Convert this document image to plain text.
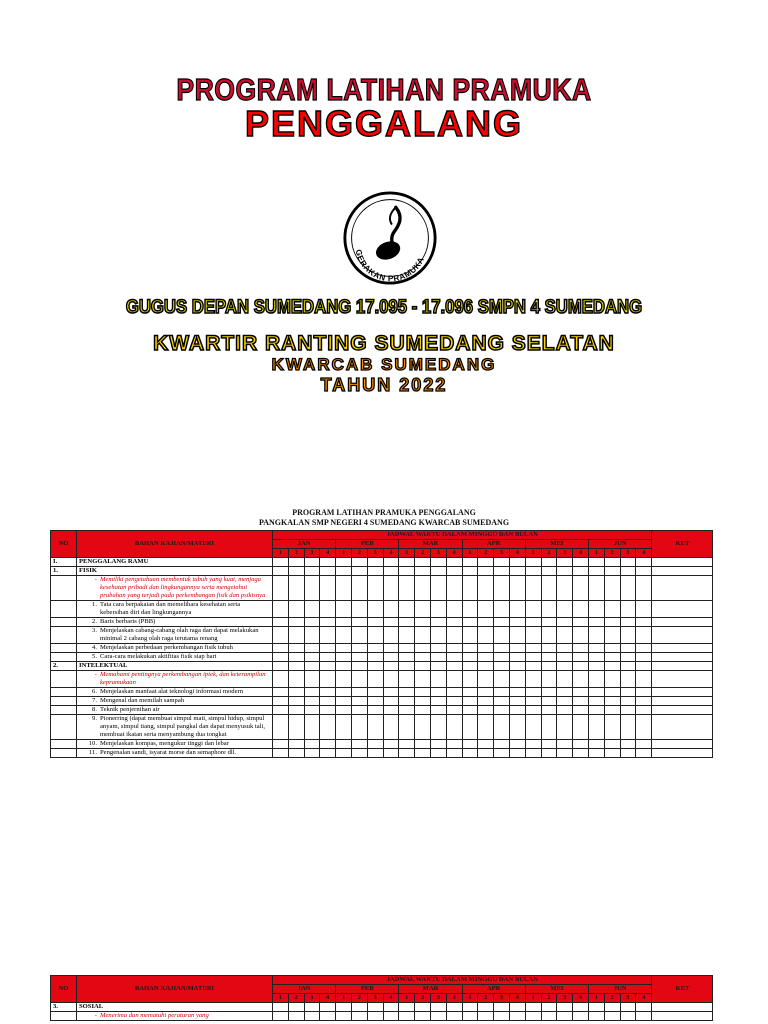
PROGRAM LATIHAN PRAMUKA
PENGGALANG
GERAKAN PRAMUKA
GUGUS DEPAN SUMEDANG 17.095 - 17.096 SMPN 4 SUMEDANG
KWARTIR RANTING SUMEDANG SELATAN
KWARCAB SUMEDANG
TAHUN 2022
PROGRAM LATIHAN PRAMUKA PENGGALANG
PANGKALAN SMP NEGERI 4 SUMEDANG KWARCAB SUMEDANG
NO	BAHAN KAJIAN/MATERI	JADWAL WAKTU DALAM MINGGU DAN BULAN																								KET
		JAN				PEB				MAR				APR				MEI				JUN				
		1	2	3	4	1	2	3	4	1	2	3	4	1	2	3	4	1	2	3	4	1	2	3	4	
I.	PENGGALANG RAMU																									
1.	FISIK																									

	- Memiliki pengetahuan membentuk tubuh yang kuat, menjaga kesehatan pribadi dan lingkungannya serta mengetahui prubahan yang terjadi pada perkembangan fisik dan psikisnya																									

	1. Tata cara berpakaian dan memelihara kesehatan serta kebersihan diri dan lingkungannya																									

	2. Baris berbaris (PBB)																									

	3. Menjelaskan cabang-cabang olah raga dan dapat melakukan minimal 2 cabang olah raga terutama renang																									

	4. Menjelaskan perbedaan perkembangan fisik tubuh																									

	5. Cara-cara melakukan aktifitas fisik siap hari																									

2.	INTELEKTUAL																									

	- Memahami pentingnya perkembangan iptek, dan keterampilan kepramukaan																									

	6. Menjelaskan manfaat alat teknologi informasi modern																									

	7. Mengenal dan memilah sampah																									

	8. Teknik penjernihan air																									

	9. Pionerring (dapat membuat simpul mati, simpul hidup, simpul anyam, simpul tiang, simpul pangkal dan dapat menyusuk tali, membuat ikatan serta menyambung dua tongkat																									

	10. Menjelaskan kompas, mengukur tinggi dan lebar																									

	11. Pengenalan sandi, isyarat morse dan semaphore dll.																									

NO	BAHAN KAJIAN/MATERI	JADWAL WAKTU DALAM MINGGU DAN BULAN																								KET
		JAN				PEB				MAR				APR				MEI				JUN				
		1	2	3	4	1	2	3	4	1	2	3	4	1	2	3	4	1	2	3	4	1	2	3	4	
3.	SOSIAL																									

	- Menerima dan mematuhi peraturan yang																									
